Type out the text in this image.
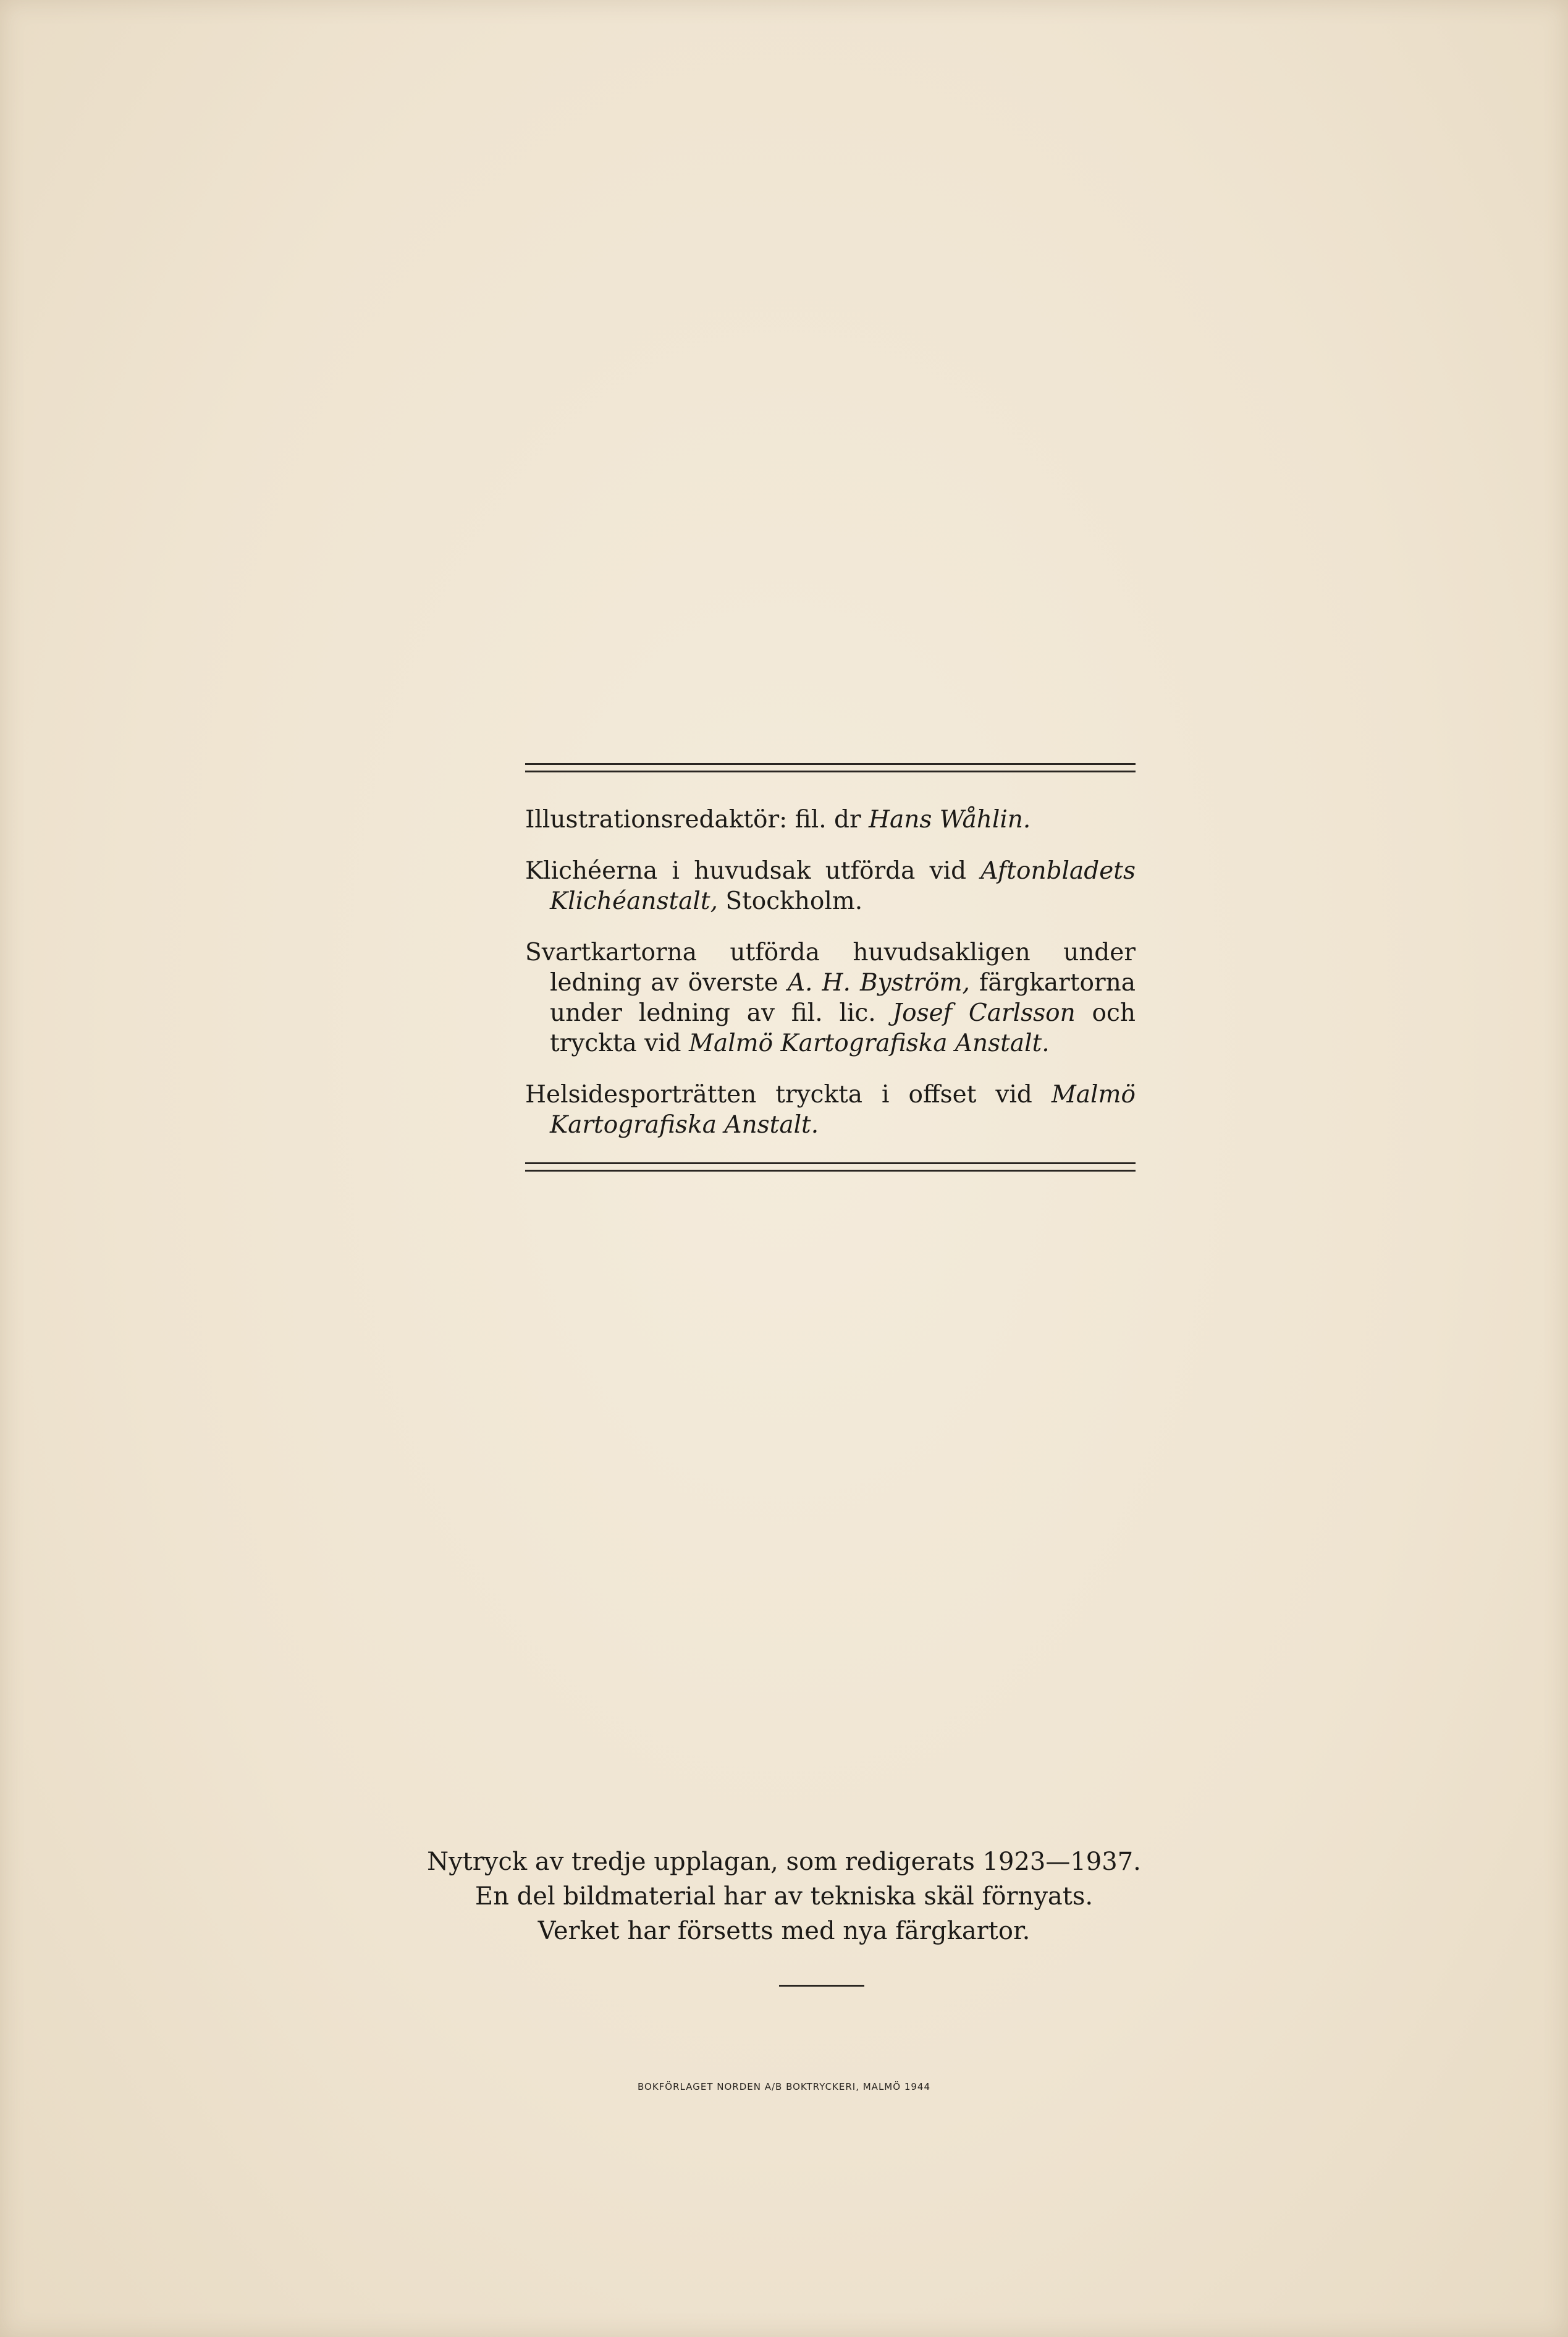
Illustrationsredaktör: fil. dr Hans Wåhlin.

Klichéerna i huvudsak utförda vid Aftonbladets Klichéanstalt, Stockholm.

Svartkartorna utförda huvudsakligen under ledning av överste A. H. Byström, färgkartorna under ledning av fil. lic. Josef Carlsson och tryckta vid Malmö Kartografiska Anstalt.

Helsidesporträtten tryckta i offset vid Malmö Kartografiska Anstalt.

Nytryck av tredje upplagan, som redigerats 1923—1937.
En del bildmaterial har av tekniska skäl förnyats.
Verket har försetts med nya färgkartor.
BOKFÖRLAGET NORDEN A/B BOKTRYCKERI, MALMÖ 1944
